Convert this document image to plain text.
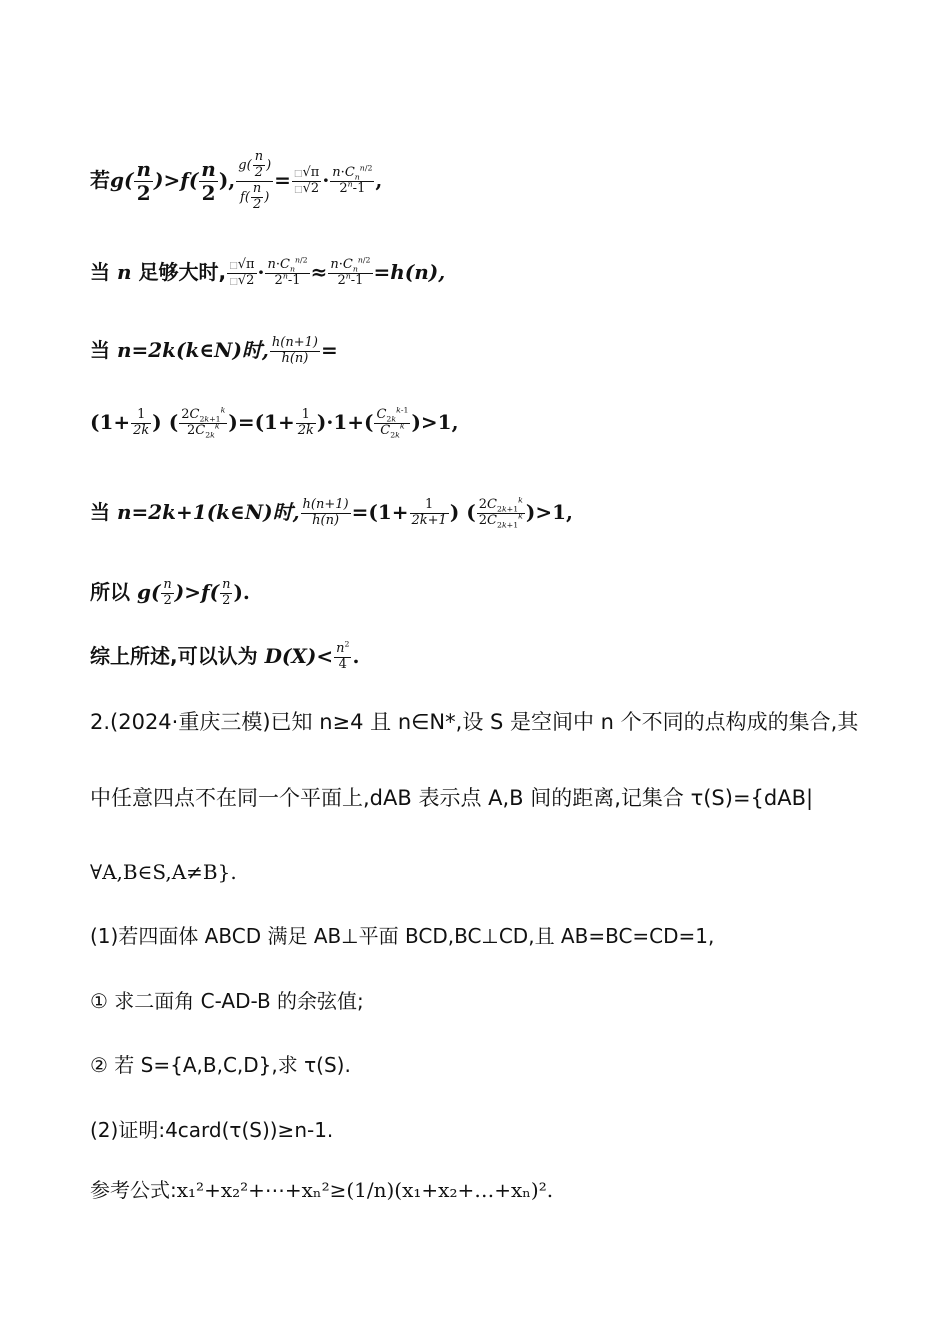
若$g( \frac{n}{2} )>f( \frac{n}{2}$ ), $\frac{g( \frac{n}{2} )}{f( \frac{n}{2} )} = \frac{□√\pi}{□√2} \cdot \frac{n\cdot C_n^{n/2}}{2^n-1}$ ,
当 n 足够大时, $\frac{□√\pi}{□√2} \cdot \frac{n\cdot C_n^{n/2}}{2^n-1} \approx \frac{n\cdot C_n^{n/2}}{2^n-1} =h(n)$,
当 n=2k(k∈N)时, $\frac{h(n+1)}{h(n)}$ =
($1+ \frac{1}{2k}$ ) ( $\frac{2C_{2k+1}^k}{2C_{2k}^k} )=(1+ \frac{1}{2k} )\cdot 1+( \frac{C_{2k}^{k-1}}{C_{2k}^k} )>1$,
当 n=2k+1(k∈N)时, $\frac{h(n+1)}{h(n)} =(1+ \frac{1}{2k+1}$ ) ( $\frac{2C_{2k+1}^k}{2C_{2k+1}^k} )>1$,
所以 $g( \frac{n}{2} )>f( \frac{n}{2}$ ).
综上所述,可以认为 $D(X)< \frac{n^2}{4}$ .
2.(2024·重庆三模)已知 n≥4 且 n∈N*,设 S 是空间中 n 个不同的点构成的集合,其
中任意四点不在同一个平面上,dAB 表示点 A,B 间的距离,记集合 τ(S)={dAB|
∀A,B∈S,A≠B}.
(1)若四面体 ABCD 满足 AB⊥平面 BCD,BC⊥CD,且 AB=BC=CD=1,
① 求二面角 C-AD-B 的余弦值;
② 若 S={A,B,C,D},求 τ(S).
(2)证明:4card(τ(S))≥n-1.
参考公式:x₁²+x₂²+⋯+xₙ²≥(1/n)(x₁+x₂+…+xₙ)².
